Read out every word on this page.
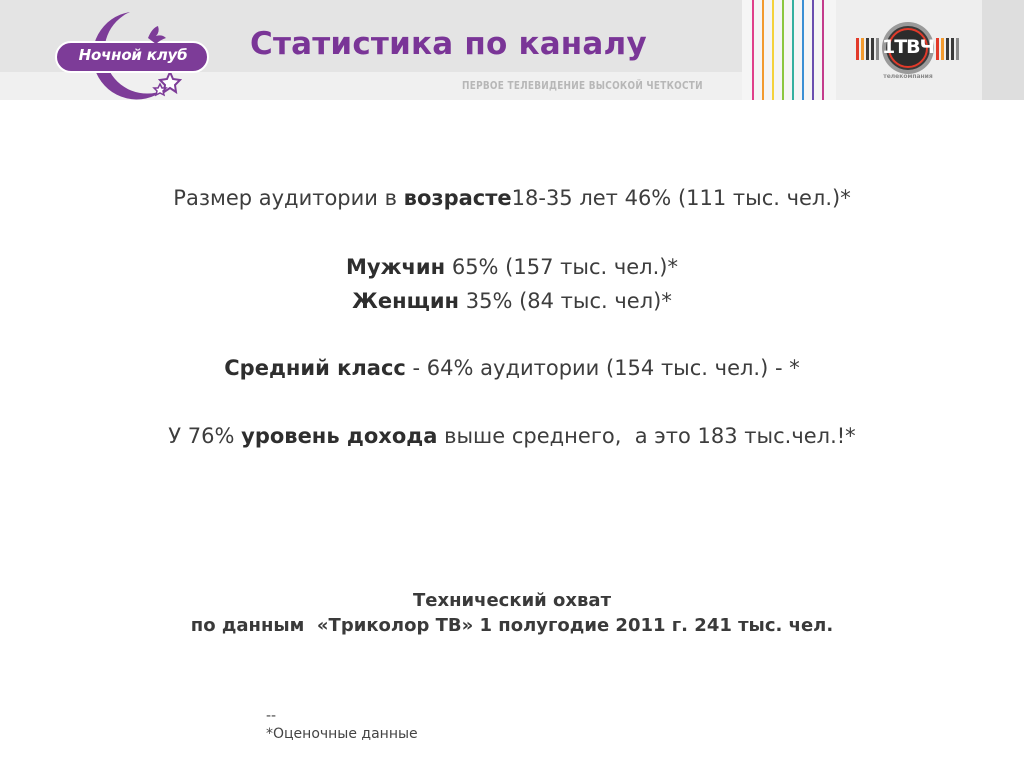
Ночной клуб	Статистика по каналу
ПЕРВОЕ ТЕЛЕВИДЕНИЕ ВЫСОКОЙ ЧЕТКОСТИ
1ТВЧ
телекомпания
Размер аудитории в возрасте18-35 лет 46% (111 тыс. чел.)*
Мужчин 65% (157 тыс. чел.)*
Женщин 35% (84 тыс. чел)*
Средний класс - 64% аудитории (154 тыс. чел.) - *
У 76% уровень дохода выше среднего,  а это 183 тыс.чел.!*
Технический охват
по данным  «Триколор ТВ» 1 полугодие 2011 г. 241 тыс. чел.
--
*Оценочные данные
